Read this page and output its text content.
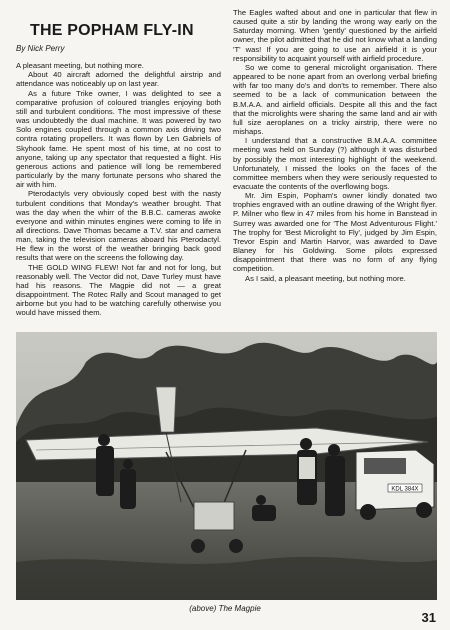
THE POPHAM FLY-IN
By Nick Perry

A pleasant meeting, but nothing more.

About 40 aircraft adorned the delightful airstrip and attendance was noticeably up on last year.

As a future Trike owner, I was delighted to see a comparative profusion of coloured triangles enjoying both still and turbulent conditions. The most impressive of these was undoubtedly the dual machine. It was powered by two Solo engines coupled through a common axis driving two contra rotating propellers. It was flown by Len Gabriels of Skyhook fame. He spent most of his time, at no cost to anyone, taking up any spectator that requested a flight. His generous actions and patience will long be remembered particularly by the many fortunate persons who shared the air with him.

Pterodactyls very obviously coped best with the nasty turbulent conditions that Monday's weather brought. That was the day when the whirr of the B.B.C. cameras awoke everyone and within minutes engines were coming to life in all directions. Dave Thomas became a T.V. star and camera man, taking the television cameras aboard his Pterodactyl. He flew in the worst of the weather bringing back good results that were on the screens the following day.

THE GOLD WING FLEW! Not far and not for long, but reasonably well. The Vector did not, Dave Turley must have had his reasons. The Magpie did not — a great disappointment. The Rotec Rally and Scout managed to get airborne but you had to be watching carefully otherwise you would have missed them.

The Eagles wafted about and one in particular that flew in caused quite a stir by landing the wrong way early on the Saturday morning. When 'gently' questioned by the airfield owner, the pilot admitted that he did not know what a landing 'T' was! If you are going to use an airfield it is your responsibility to acquaint yourself with airfield procedure.

So we come to general microlight organisation. There appeared to be none apart from an overlong verbal briefing with far too many do's and don'ts to remember. There also seemed to be a lack of communication between the B.M.A.A. and airfield officials. Despite all this and the fact that the microlights were sharing the same land and air with full size aeroplanes on a tricky airstrip, there were no mishaps.

I understand that a constructive B.M.A.A. committee meeting was held on Sunday (?) although it was disturbed by possibly the most interesting highlight of the weekend. Unfortunately, I missed the looks on the faces of the committee members when they were seriously requested to evacuate the contents of the overflowing bogs.

Mr. Jim Espin, Popham's owner kindly donated two trophies engraved with an outline drawing of the Wright flyer. P. Milner who flew in 47 miles from his home in Banstead in Surrey was awarded one for 'The Most Adventurous Flight.' The trophy for 'Best Microlight to Fly', judged by Jim Espin, Trevor Espin and Martin Harvor, was awarded to Dave Blaney for his Goldwing. Some pilots expressed disappointment that there was no form of any flying competition.

As I said, a pleasant meeting, but nothing more.

KDL 384X
(above) The Magpie
31
